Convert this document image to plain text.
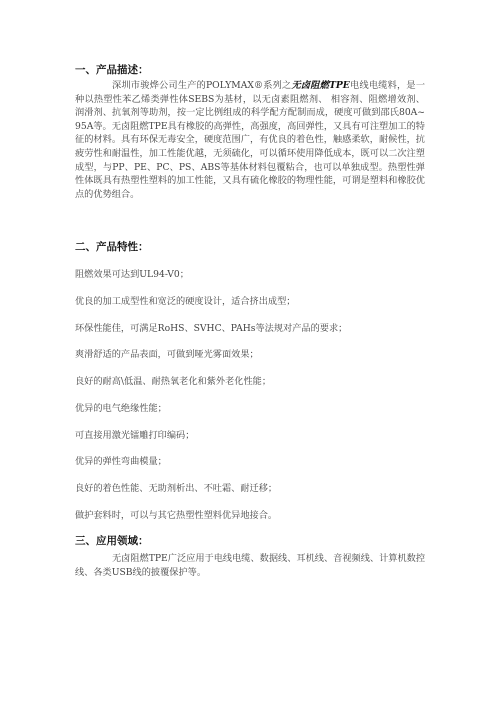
一、产品描述：

深圳市骏烨公司生产的POLYMAX®系列之无卤阻燃TPE电线电缆料，是一种以热塑性苯乙烯类弹性体SEBS为基材，以无卤素阻燃剂、 相容剂、阻燃增效剂、润滑剂、抗氧剂等助剂，按一定比例组成的科学配方配制而成，硬度可做到邵氏80A~95A等。无卤阻燃TPE具有橡胶的高弹性，高强度，高回弹性，又具有可注塑加工的特征的材料。具有环保无毒安全，硬度范围广，有优良的着色性，触感柔软，耐候性，抗疲劳性和耐温性，加工性能优越，无须硫化，可以循环使用降低成本，既可以二次注塑成型，与PP、PE、PC、PS、ABS等基体材料包覆粘合，也可以单独成型。热塑性弹性体既具有热塑性塑料的加工性能，又具有硫化橡胶的物理性能，可谓是塑料和橡胶优点的优势组合。

二、产品特性：
阻燃效果可达到UL94-V0；
优良的加工成型性和宽泛的硬度设计，适合挤出成型；
环保性能佳，可满足RoHS、SVHC、PAHs等法规对产品的要求；
爽滑舒适的产品表面，可做到哑光雾面效果；
良好的耐高\低温、耐热氧老化和紫外老化性能；
优异的电气绝缘性能；
可直接用激光镭雕打印编码；
优异的弹性弯曲模量；
良好的着色性能、无助剂析出、不吐霜、耐迁移；
做护套料时，可以与其它热塑性塑料优异地接合。
三、应用领域：

无卤阻燃TPE广泛应用于电线电缆、数据线、耳机线、音视频线、计算机数控线、各类USB线的披覆保护等。
